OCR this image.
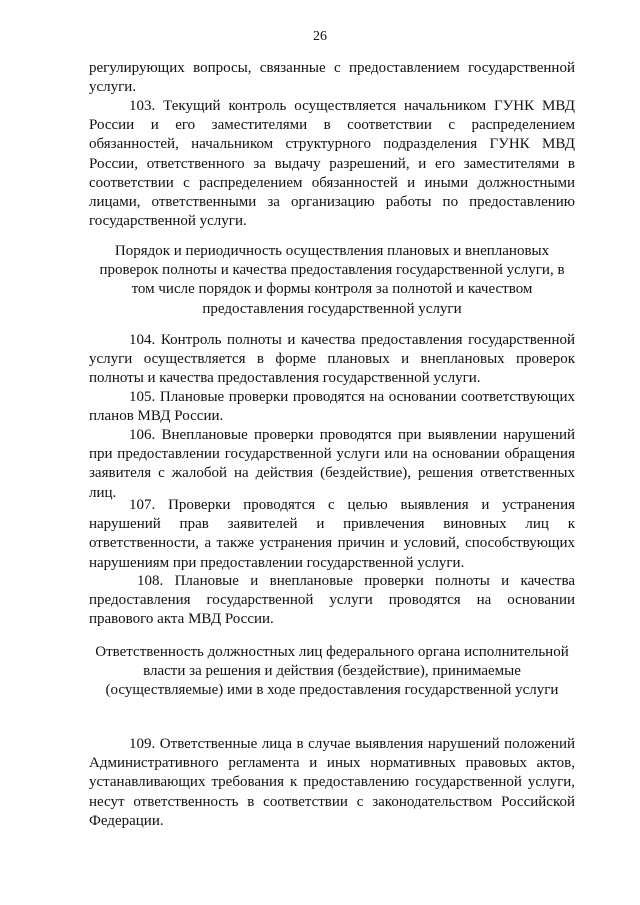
26

регулирующих вопросы, связанные с предоставлением государственной услуги.

103. Текущий контроль осуществляется начальником ГУНК МВД России и его заместителями в соответствии с распределением обязанностей, начальником структурного подразделения ГУНК МВД России, ответственного за выдачу разрешений, и его заместителями в соответствии с распределением обязанностей и иными должностными лицами, ответственными за организацию работы по предоставлению государственной услуги.

Порядок и периодичность осуществления плановых и внеплановых проверок полноты и качества предоставления государственной услуги, в том числе порядок и формы контроля за полнотой и качеством предоставления государственной услуги

104. Контроль полноты и качества предоставления государственной услуги осуществляется в форме плановых и внеплановых проверок полноты и качества предоставления государственной услуги.

105. Плановые проверки проводятся на основании соответствующих планов МВД России.

106. Внеплановые проверки проводятся при выявлении нарушений при предоставлении государственной услуги или на основании обращения заявителя с жалобой на действия (бездействие), решения ответственных лиц.

107. Проверки проводятся с целью выявления и устранения нарушений прав заявителей и привлечения виновных лиц к ответственности, а также устранения причин и условий, способствующих нарушениям при предоставлении государственной услуги.

108. Плановые и внеплановые проверки полноты и качества предоставления государственной услуги проводятся на основании правового акта МВД России.

Ответственность должностных лиц федерального органа исполнительной власти за решения и действия (бездействие), принимаемые (осуществляемые) ими в ходе предоставления государственной услуги

109. Ответственные лица в случае выявления нарушений положений Административного регламента и иных нормативных правовых актов, устанавливающих требования к предоставлению государственной услуги, несут ответственность в соответствии с законодательством Российской Федерации.
